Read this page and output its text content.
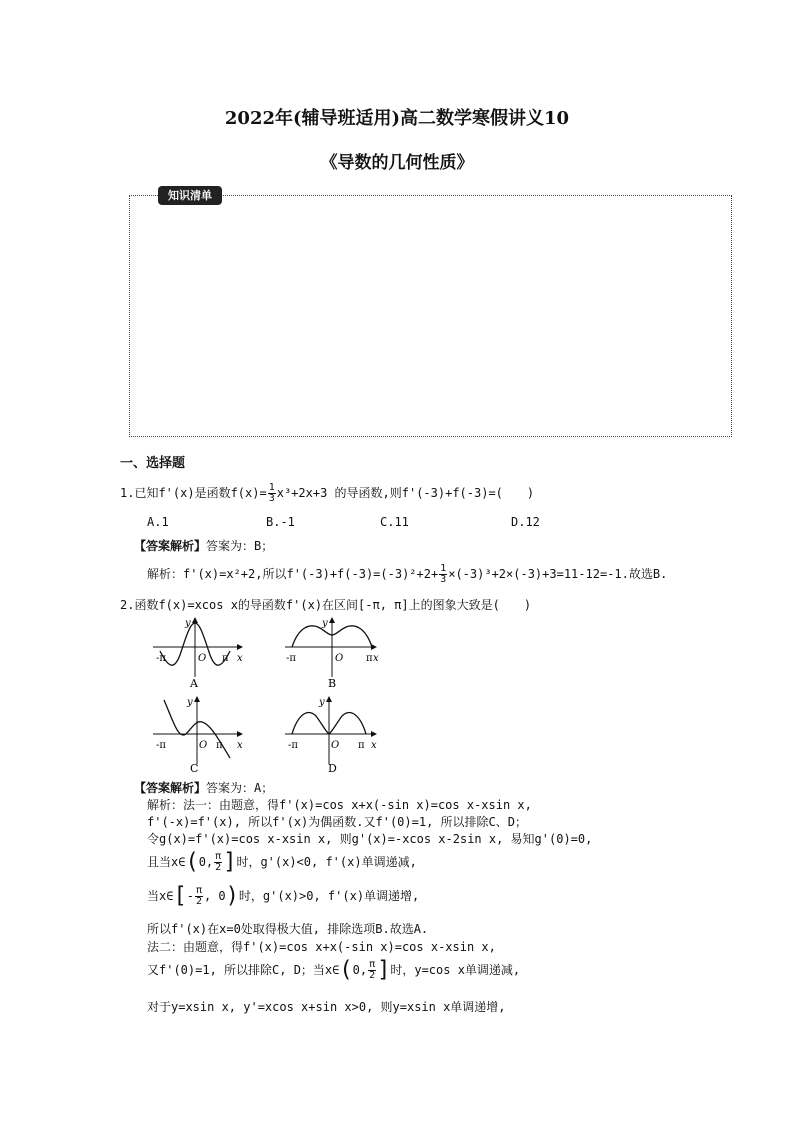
2022年(辅导班适用)高二数学寒假讲义10
《导数的几何性质》
知识清单
一、选择题
1.已知f'(x)是函数$f(x)= \frac{1}{3} x^3+2x+3$ 的导函数,则f'(-3)+f(-3)=(　　)
A.1	B.-1	C.11	D.12
【答案解析】答案为：B；
解析：f'(x)=x²+2,所以$f'(-3)+f(-3)=(-3)^2+2+ \frac{1}{3} \times(-3)^3+2\times(-3)+3=11-12=-1$.故选B.
2.函数f(x)=xcos x的导函数f'(x)在区间[-π, π]上的图象大致是(　　)
-π	O π x
y
A
-π	O π x
y
B
-π	O π x
y
C
-π	O π x
y
D
【答案解析】答案为：A；
解析：法一：由题意，得f'(x)=cos x+x(-sin x)=cos x-xsin x,
f'(-x)=f'(x), 所以f'(x)为偶函数.又f'(0)=1, 所以排除C、D；
令g(x)=f'(x)=cos x-xsin x, 则g'(x)=-xcos x-2sin x, 易知g'(0)=0,
且当x∈(0, $\frac{\pi}{2}$ ]时，g'(x)<0, f'(x)单调递减,
当x∈[- $\frac{\pi}{2}$ , 0)时，g'(x)>0, f'(x)单调递增,
所以f'(x)在x=0处取得极大值, 排除选项B.故选A.
法二：由题意，得f'(x)=cos x+x(-sin x)=cos x-xsin x,
又f'(0)=1, 所以排除C, D；当x∈(0, $\frac{\pi}{2}$ ]时，y=cos x单调递减,
对于y=xsin x, y'=xcos x+sin x>0, 则y=xsin x单调递增,
